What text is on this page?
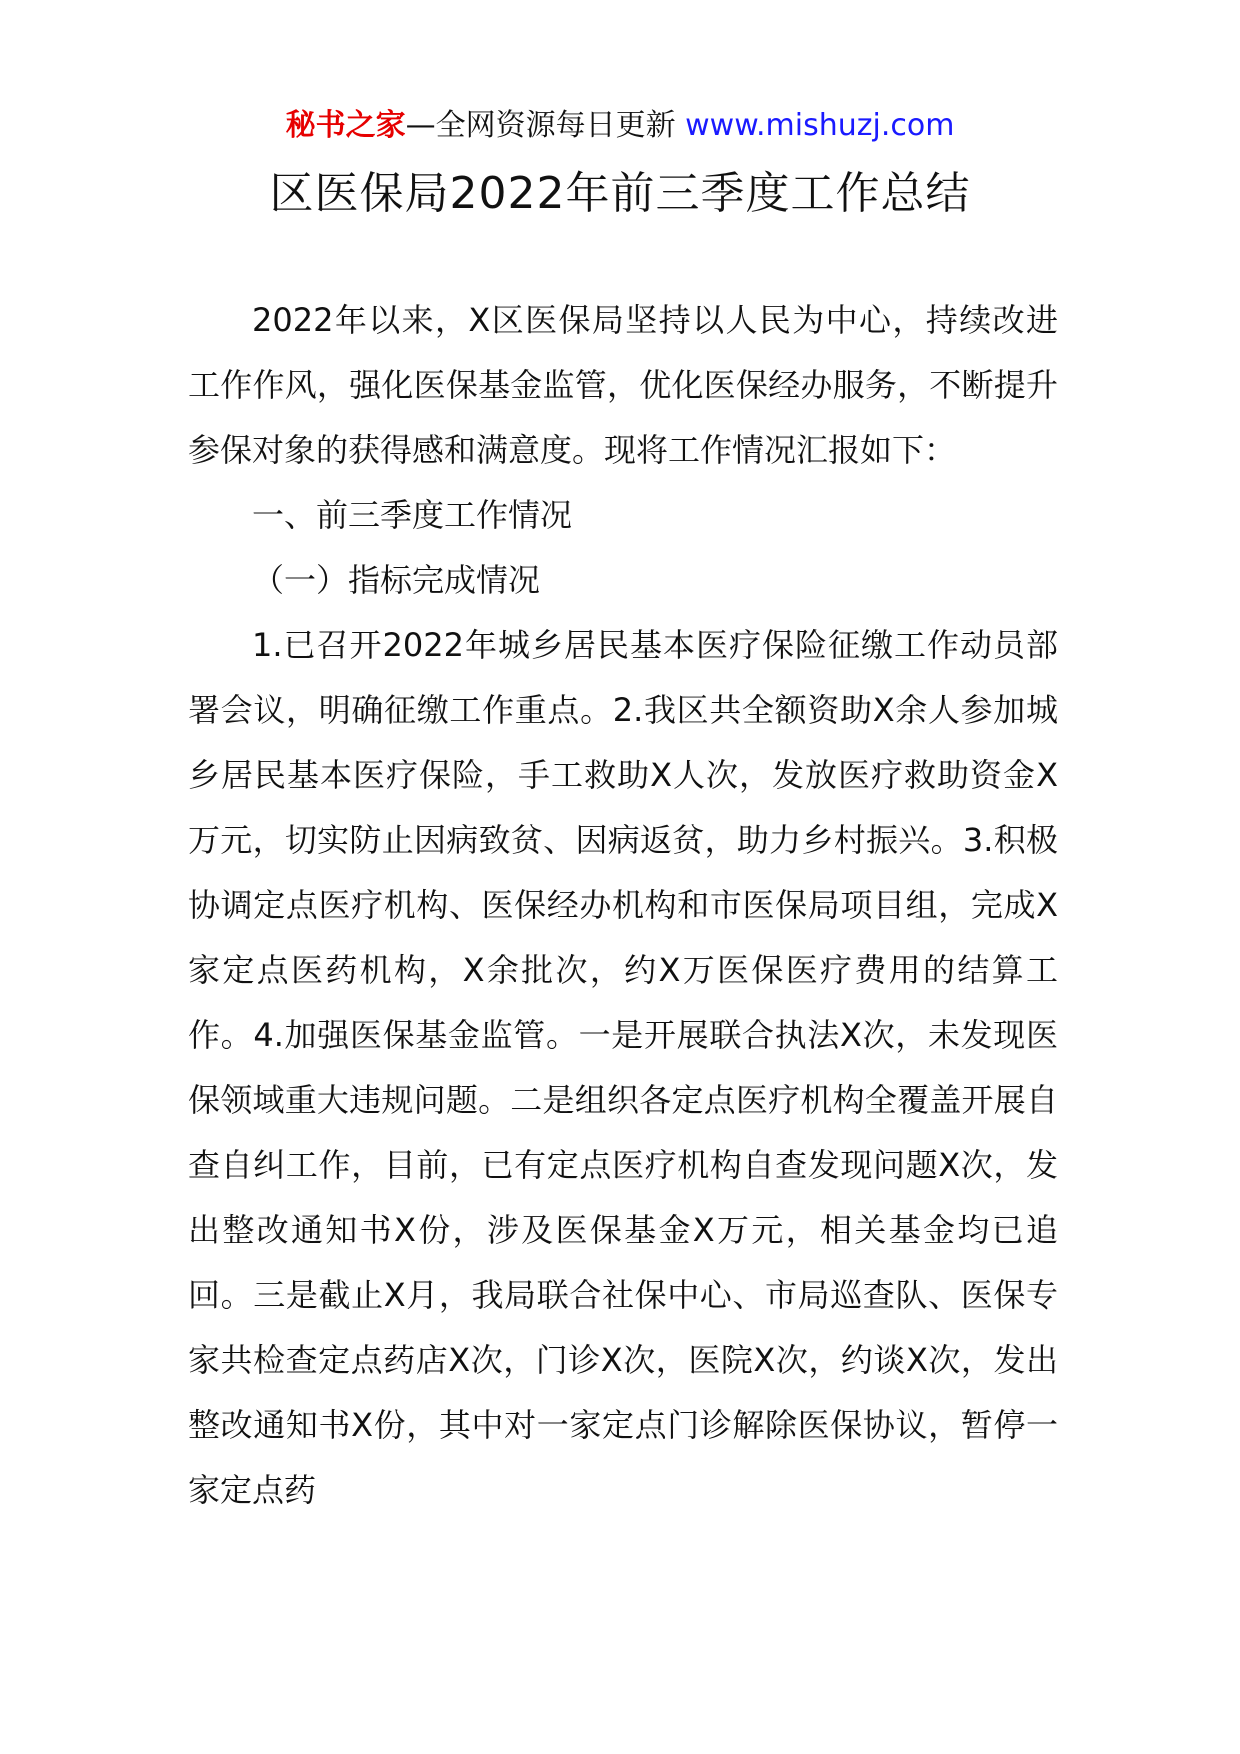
秘书之家—全网资源每日更新 www.mishuzj.com
区医保局2022年前三季度工作总结

2022年以来，X区医保局坚持以人民为中心，持续改进工作作风，强化医保基金监管，优化医保经办服务，不断提升参保对象的获得感和满意度。现将工作情况汇报如下：

一、前三季度工作情况

（一）指标完成情况

1.已召开2022年城乡居民基本医疗保险征缴工作动员部署会议，明确征缴工作重点。2.我区共全额资助X余人参加城乡居民基本医疗保险，手工救助X人次，发放医疗救助资金X万元，切实防止因病致贫、因病返贫，助力乡村振兴。3.积极协调定点医疗机构、医保经办机构和市医保局项目组，完成X家定点医药机构，X余批次，约X万医保医疗费用的结算工作。4.加强医保基金监管。一是开展联合执法X次，未发现医保领域重大违规问题。二是组织各定点医疗机构全覆盖开展自查自纠工作，目前，已有定点医疗机构自查发现问题X次，发出整改通知书X份，涉及医保基金X万元，相关基金均已追回。三是截止X月，我局联合社保中心、市局巡查队、医保专家共检查定点药店X次，门诊X次，医院X次，约谈X次，发出整改通知书X份，其中对一家定点门诊解除医保协议，暂停一家定点药
